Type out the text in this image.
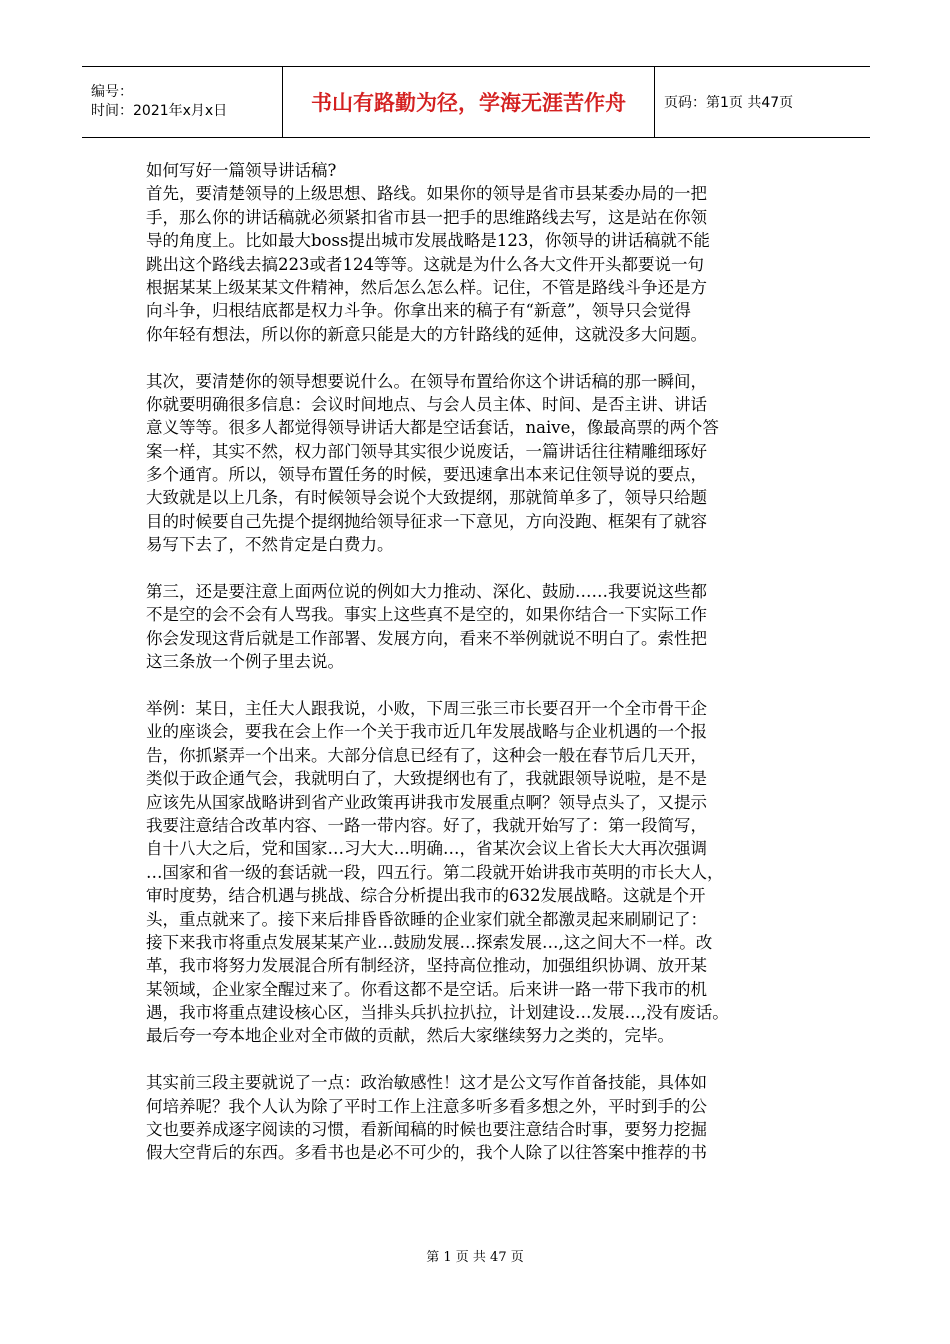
编号：
时间：2021年x月x日	书山有路勤为径，学海无涯苦作舟	页码：第1页 共47页
如何写好一篇领导讲话稿?
首先，要清楚领导的上级思想、路线。如果你的领导是省市县某委办局的一把
手，那么你的讲话稿就必须紧扣省市县一把手的思维路线去写，这是站在你领
导的角度上。比如最大boss提出城市发展战略是123，你领导的讲话稿就不能
跳出这个路线去搞223或者124等等。这就是为什么各大文件开头都要说一句
根据某某上级某某文件精神，然后怎么怎么样。记住，不管是路线斗争还是方
向斗争，归根结底都是权力斗争。你拿出来的稿子有“新意”，领导只会觉得
你年轻有想法，所以你的新意只能是大的方针路线的延伸，这就没多大问题。
其次，要清楚你的领导想要说什么。在领导布置给你这个讲话稿的那一瞬间，
你就要明确很多信息：会议时间地点、与会人员主体、时间、是否主讲、讲话
意义等等。很多人都觉得领导讲话大都是空话套话，naive，像最高票的两个答
案一样，其实不然，权力部门领导其实很少说废话，一篇讲话往往精雕细琢好
多个通宵。所以，领导布置任务的时候，要迅速拿出本来记住领导说的要点，
大致就是以上几条，有时候领导会说个大致提纲，那就简单多了，领导只给题
目的时候要自己先提个提纲抛给领导征求一下意见，方向没跑、框架有了就容
易写下去了，不然肯定是白费力。
第三，还是要注意上面两位说的例如大力推动、深化、鼓励……我要说这些都
不是空的会不会有人骂我。事实上这些真不是空的，如果你结合一下实际工作
你会发现这背后就是工作部署、发展方向，看来不举例就说不明白了。索性把
这三条放一个例子里去说。
举例：某日，主任大人跟我说，小败，下周三张三市长要召开一个全市骨干企
业的座谈会，要我在会上作一个关于我市近几年发展战略与企业机遇的一个报
告，你抓紧弄一个出来。大部分信息已经有了，这种会一般在春节后几天开，
类似于政企通气会，我就明白了，大致提纲也有了，我就跟领导说啦，是不是
应该先从国家战略讲到省产业政策再讲我市发展重点啊？领导点头了，又提示
我要注意结合改革内容、一路一带内容。好了，我就开始写了：第一段简写，
自十八大之后，党和国家…习大大…明确…，省某次会议上省长大大再次强调
…国家和省一级的套话就一段，四五行。第二段就开始讲我市英明的市长大人，
审时度势，结合机遇与挑战、综合分析提出我市的632发展战略。这就是个开
头，重点就来了。接下来后排昏昏欲睡的企业家们就全都激灵起来刷刷记了：
接下来我市将重点发展某某产业…鼓励发展…探索发展…,这之间大不一样。改
革，我市将努力发展混合所有制经济，坚持高位推动，加强组织协调、放开某
某领域，企业家全醒过来了。你看这都不是空话。后来讲一路一带下我市的机
遇，我市将重点建设核心区，当排头兵扒拉扒拉，计划建设…发展…,没有废话。
最后夸一夸本地企业对全市做的贡献，然后大家继续努力之类的，完毕。
其实前三段主要就说了一点：政治敏感性！这才是公文写作首备技能，具体如
何培养呢？我个人认为除了平时工作上注意多听多看多想之外，平时到手的公
文也要养成逐字阅读的习惯，看新闻稿的时候也要注意结合时事，要努力挖掘
假大空背后的东西。多看书也是必不可少的，我个人除了以往答案中推荐的书
第 1 页 共 47 页
